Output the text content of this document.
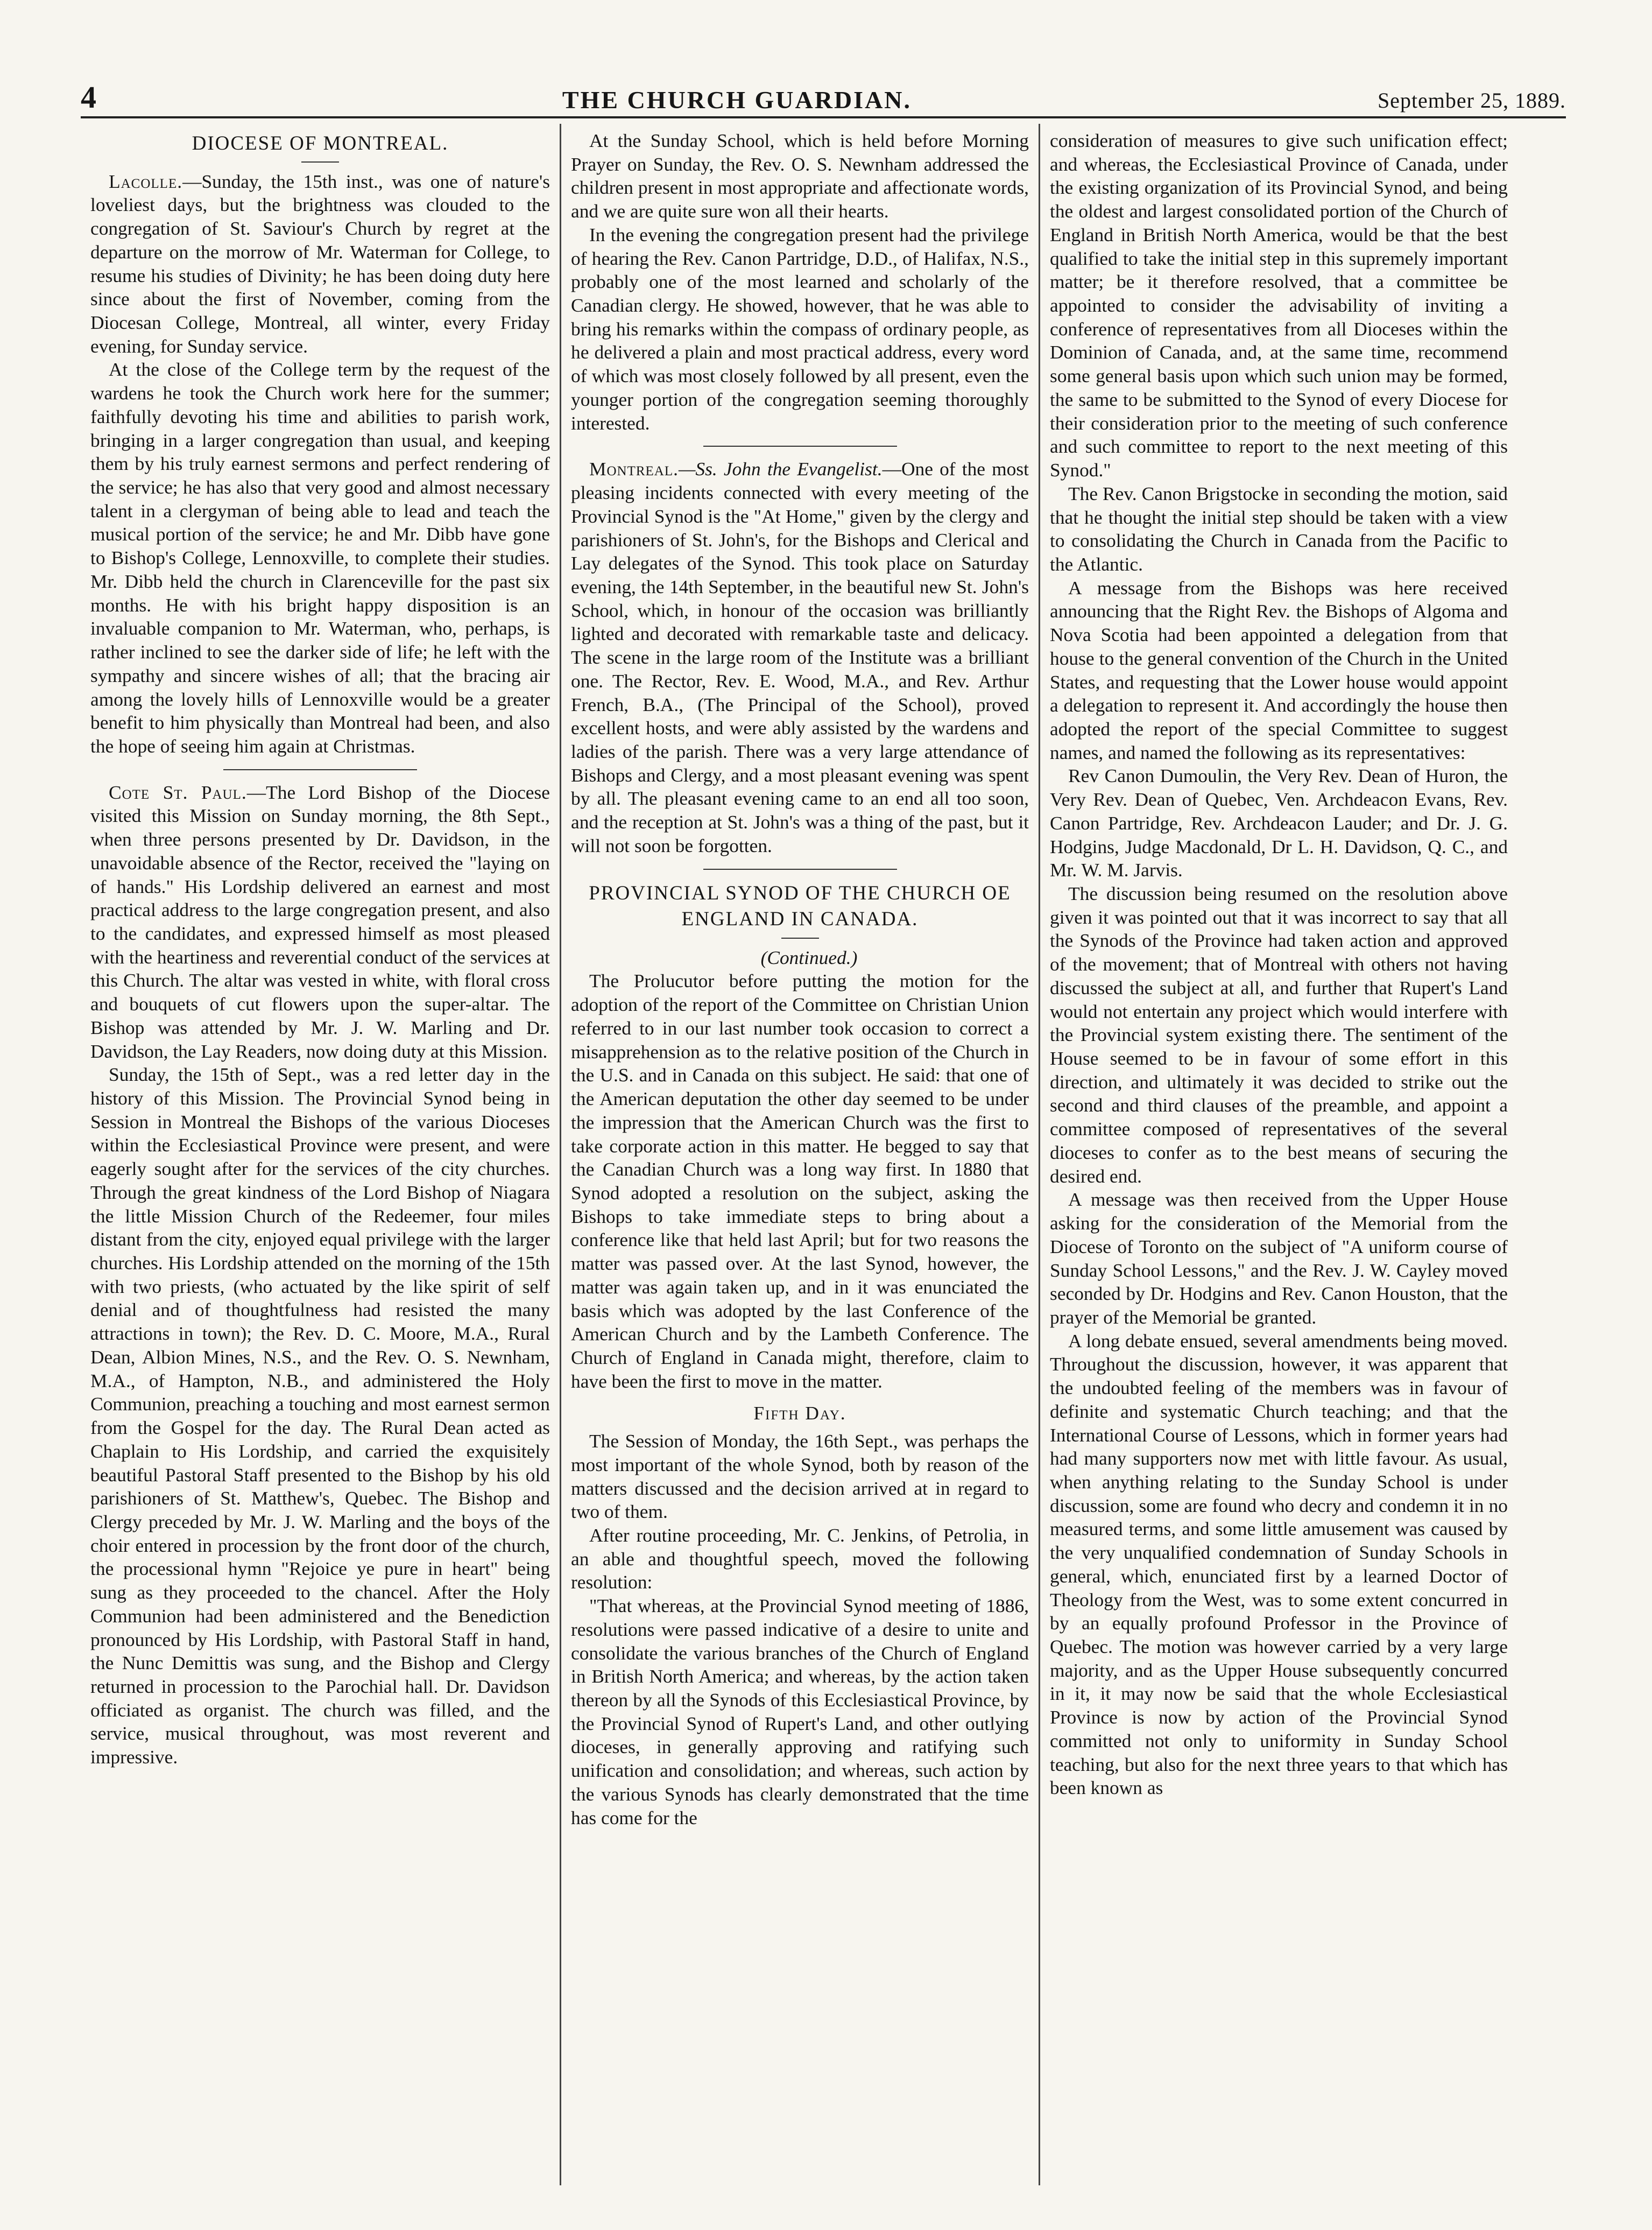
4	THE CHURCH GUARDIAN.	September 25, 1889.
DIOCESE OF MONTREAL.

Lacolle.—Sunday, the 15th inst., was one of nature's loveliest days, but the brightness was clouded to the congregation of St. Saviour's Church by regret at the departure on the morrow of Mr. Waterman for College, to resume his studies of Divinity; he has been doing duty here since about the first of November, coming from the Diocesan College, Montreal, all winter, every Friday evening, for Sunday service.

At the close of the College term by the request of the wardens he took the Church work here for the summer; faithfully devoting his time and abilities to parish work, bringing in a larger congregation than usual, and keeping them by his truly earnest sermons and perfect rendering of the service; he has also that very good and almost necessary talent in a clergyman of being able to lead and teach the musical portion of the service; he and Mr. Dibb have gone to Bishop's College, Lennoxville, to complete their studies. Mr. Dibb held the church in Clarenceville for the past six months. He with his bright happy disposition is an invaluable companion to Mr. Waterman, who, perhaps, is rather inclined to see the darker side of life; he left with the sympathy and sincere wishes of all; that the bracing air among the lovely hills of Lennoxville would be a greater benefit to him physically than Montreal had been, and also the hope of seeing him again at Christmas.

Cote St. Paul.—The Lord Bishop of the Diocese visited this Mission on Sunday morning, the 8th Sept., when three persons presented by Dr. Davidson, in the unavoidable absence of the Rector, received the "laying on of hands." His Lordship delivered an earnest and most practical address to the large congregation present, and also to the candidates, and expressed himself as most pleased with the heartiness and reverential conduct of the services at this Church. The altar was vested in white, with floral cross and bouquets of cut flowers upon the super-altar. The Bishop was attended by Mr. J. W. Marling and Dr. Davidson, the Lay Readers, now doing duty at this Mission.

Sunday, the 15th of Sept., was a red letter day in the history of this Mission. The Provincial Synod being in Session in Montreal the Bishops of the various Dioceses within the Ecclesiastical Province were present, and were eagerly sought after for the services of the city churches. Through the great kindness of the Lord Bishop of Niagara the little Mission Church of the Redeemer, four miles distant from the city, enjoyed equal privilege with the larger churches. His Lordship attended on the morning of the 15th with two priests, (who actuated by the like spirit of self denial and of thoughtfulness had resisted the many attractions in town); the Rev. D. C. Moore, M.A., Rural Dean, Albion Mines, N.S., and the Rev. O. S. Newnham, M.A., of Hampton, N.B., and administered the Holy Communion, preaching a touching and most earnest sermon from the Gospel for the day. The Rural Dean acted as Chaplain to His Lordship, and carried the exquisitely beautiful Pastoral Staff presented to the Bishop by his old parishioners of St. Matthew's, Quebec. The Bishop and Clergy preceded by Mr. J. W. Marling and the boys of the choir entered in procession by the front door of the church, the processional hymn "Rejoice ye pure in heart" being sung as they proceeded to the chancel. After the Holy Communion had been administered and the Benediction pronounced by His Lordship, with Pastoral Staff in hand, the Nunc Demittis was sung, and the Bishop and Clergy returned in procession to the Parochial hall. Dr. Davidson officiated as organist. The church was filled, and the service, musical throughout, was most reverent and impressive.

At the Sunday School, which is held before Morning Prayer on Sunday, the Rev. O. S. Newnham addressed the children present in most appropriate and affectionate words, and we are quite sure won all their hearts.

In the evening the congregation present had the privilege of hearing the Rev. Canon Partridge, D.D., of Halifax, N.S., probably one of the most learned and scholarly of the Canadian clergy. He showed, however, that he was able to bring his remarks within the compass of ordinary people, as he delivered a plain and most practical address, every word of which was most closely followed by all present, even the younger portion of the congregation seeming thoroughly interested.

Montreal.—Ss. John the Evangelist.—One of the most pleasing incidents connected with every meeting of the Provincial Synod is the "At Home," given by the clergy and parishioners of St. John's, for the Bishops and Clerical and Lay delegates of the Synod. This took place on Saturday evening, the 14th September, in the beautiful new St. John's School, which, in honour of the occasion was brilliantly lighted and decorated with remarkable taste and delicacy. The scene in the large room of the Institute was a brilliant one. The Rector, Rev. E. Wood, M.A., and Rev. Arthur French, B.A., (The Principal of the School), proved excellent hosts, and were ably assisted by the wardens and ladies of the parish. There was a very large attendance of Bishops and Clergy, and a most pleasant evening was spent by all. The pleasant evening came to an end all too soon, and the reception at St. John's was a thing of the past, but it will not soon be forgotten.

PROVINCIAL SYNOD OF THE CHURCH OE ENGLAND IN CANADA.

(Continued.)

The Prolucutor before putting the motion for the adoption of the report of the Committee on Christian Union referred to in our last number took occasion to correct a misapprehension as to the relative position of the Church in the U.S. and in Canada on this subject. He said: that one of the American deputation the other day seemed to be under the impression that the American Church was the first to take corporate action in this matter. He begged to say that the Canadian Church was a long way first. In 1880 that Synod adopted a resolution on the subject, asking the Bishops to take immediate steps to bring about a conference like that held last April; but for two reasons the matter was passed over. At the last Synod, however, the matter was again taken up, and in it was enunciated the basis which was adopted by the last Conference of the American Church and by the Lambeth Conference. The Church of England in Canada might, therefore, claim to have been the first to move in the matter.

Fifth Day.

The Session of Monday, the 16th Sept., was perhaps the most important of the whole Synod, both by reason of the matters discussed and the decision arrived at in regard to two of them.

After routine proceeding, Mr. C. Jenkins, of Petrolia, in an able and thoughtful speech, moved the following resolution:

"That whereas, at the Provincial Synod meeting of 1886, resolutions were passed indicative of a desire to unite and consolidate the various branches of the Church of England in British North America; and whereas, by the action taken thereon by all the Synods of this Ecclesiastical Province, by the Provincial Synod of Rupert's Land, and other outlying dioceses, in generally approving and ratifying such unification and consolidation; and whereas, such action by the various Synods has clearly demonstrated that the time has come for the

consideration of measures to give such unification effect; and whereas, the Ecclesiastical Province of Canada, under the existing organization of its Provincial Synod, and being the oldest and largest consolidated portion of the Church of England in British North America, would be that the best qualified to take the initial step in this supremely important matter; be it therefore resolved, that a committee be appointed to consider the advisability of inviting a conference of representatives from all Dioceses within the Dominion of Canada, and, at the same time, recommend some general basis upon which such union may be formed, the same to be submitted to the Synod of every Diocese for their consideration prior to the meeting of such conference and such committee to report to the next meeting of this Synod."

The Rev. Canon Brigstocke in seconding the motion, said that he thought the initial step should be taken with a view to consolidating the Church in Canada from the Pacific to the Atlantic.

A message from the Bishops was here received announcing that the Right Rev. the Bishops of Algoma and Nova Scotia had been appointed a delegation from that house to the general convention of the Church in the United States, and requesting that the Lower house would appoint a delegation to represent it. And accordingly the house then adopted the report of the special Committee to suggest names, and named the following as its representatives:

Rev Canon Dumoulin, the Very Rev. Dean of Huron, the Very Rev. Dean of Quebec, Ven. Archdeacon Evans, Rev. Canon Partridge, Rev. Archdeacon Lauder; and Dr. J. G. Hodgins, Judge Macdonald, Dr L. H. Davidson, Q. C., and Mr. W. M. Jarvis.

The discussion being resumed on the resolution above given it was pointed out that it was incorrect to say that all the Synods of the Province had taken action and approved of the movement; that of Montreal with others not having discussed the subject at all, and further that Rupert's Land would not entertain any project which would interfere with the Provincial system existing there. The sentiment of the House seemed to be in favour of some effort in this direction, and ultimately it was decided to strike out the second and third clauses of the preamble, and appoint a committee composed of representatives of the several dioceses to confer as to the best means of securing the desired end.

A message was then received from the Upper House asking for the consideration of the Memorial from the Diocese of Toronto on the subject of "A uniform course of Sunday School Lessons," and the Rev. J. W. Cayley moved seconded by Dr. Hodgins and Rev. Canon Houston, that the prayer of the Memorial be granted.

A long debate ensued, several amendments being moved. Throughout the discussion, however, it was apparent that the undoubted feeling of the members was in favour of definite and systematic Church teaching; and that the International Course of Lessons, which in former years had had many supporters now met with little favour. As usual, when anything relating to the Sunday School is under discussion, some are found who decry and condemn it in no measured terms, and some little amusement was caused by the very unqualified condemnation of Sunday Schools in general, which, enunciated first by a learned Doctor of Theology from the West, was to some extent concurred in by an equally profound Professor in the Province of Quebec. The motion was however carried by a very large majority, and as the Upper House subsequently concurred in it, it may now be said that the whole Ecclesiastical Province is now by action of the Provincial Synod committed not only to uniformity in Sunday School teaching, but also for the next three years to that which has been known as
